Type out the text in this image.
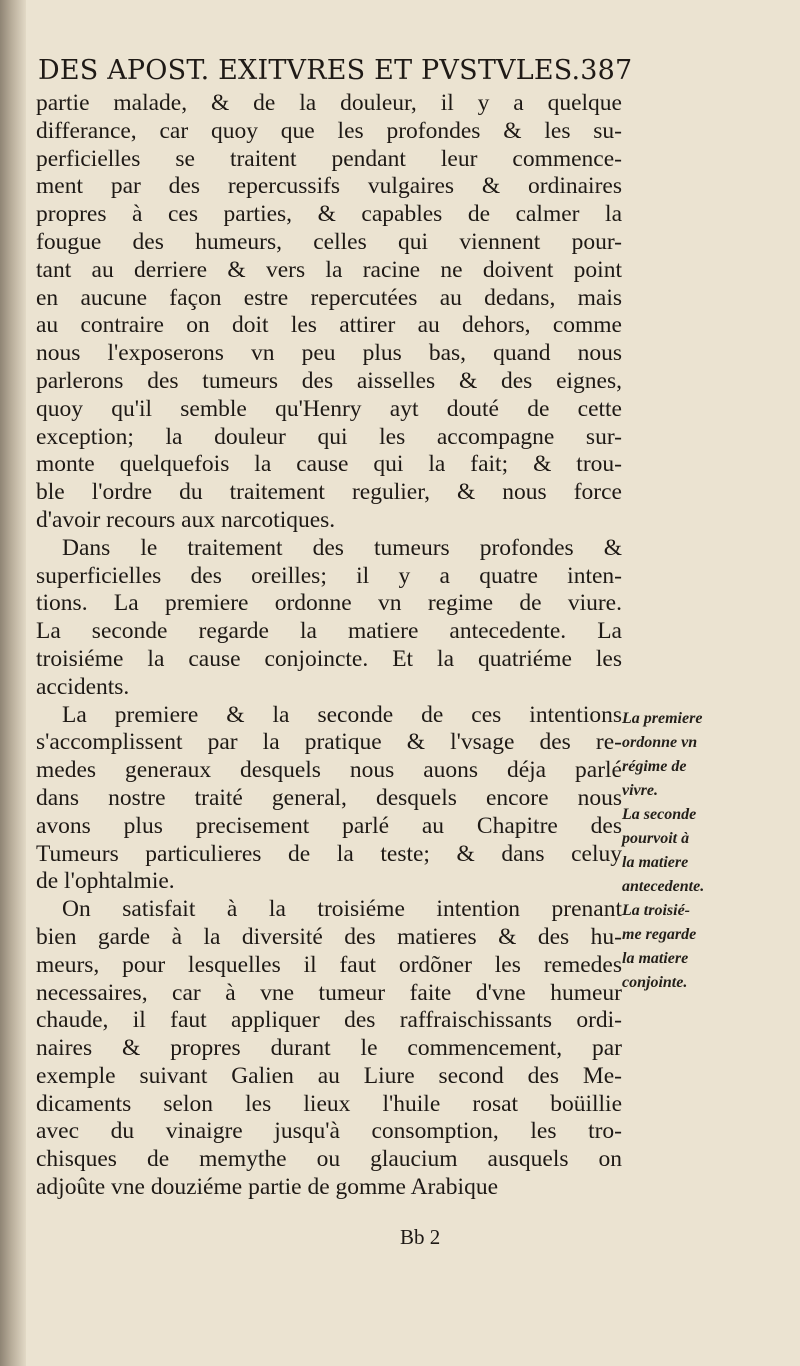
DES APOST. EXITVRES ET PVSTVLES.387
partie malade, & de la douleur, il y a quelque
differance, car quoy que les profondes & les su-
perficielles se traitent pendant leur commence-
ment par des repercussifs vulgaires & ordinaires
propres à ces parties, & capables de calmer la
fougue des humeurs, celles qui viennent pour-
tant au derriere & vers la racine ne doivent point
en aucune façon estre repercutées au dedans, mais
au contraire on doit les attirer au dehors, comme
nous l'exposerons vn peu plus bas, quand nous
parlerons des tumeurs des aisselles & des eignes,
quoy qu'il semble qu'Henry ayt douté de cette
exception; la douleur qui les accompagne sur-
monte quelquefois la cause qui la fait; & trou-
ble l'ordre du traitement regulier, & nous force
d'avoir recours aux narcotiques.
Dans le traitement des tumeurs profondes &
superficielles des oreilles; il y a quatre inten-
tions. La premiere ordonne vn regime de viure.
La seconde regarde la matiere antecedente. La
troisiéme la cause conjoincte. Et la quatriéme les
accidents.
La premiere & la seconde de ces intentions
s'accomplissent par la pratique & l'vsage des re-
medes generaux desquels nous auons déja parlé
dans nostre traité general, desquels encore nous
avons plus precisement parlé au Chapitre des
Tumeurs particulieres de la teste; & dans celuy
de l'ophtalmie.
On satisfait à la troisiéme intention prenant
bien garde à la diversité des matieres & des hu-
meurs, pour lesquelles il faut ordõner les remedes
necessaires, car à vne tumeur faite d'vne humeur
chaude, il faut appliquer des raffraischissants ordi-
naires & propres durant le commencement, par
exemple suivant Galien au Liure second des Me-
dicaments selon les lieux l'huile rosat boüillie
avec du vinaigre jusqu'à consomption, les tro-
chisques de memythe ou glaucium ausquels on
adjoûte vne douziéme partie de gomme Arabique
La premiere
ordonne vn
régime de
vivre.
La seconde
pourvoit à
la matiere
antecedente.
La troisié-
me regarde
la matiere
conjointe.
Bb 2
